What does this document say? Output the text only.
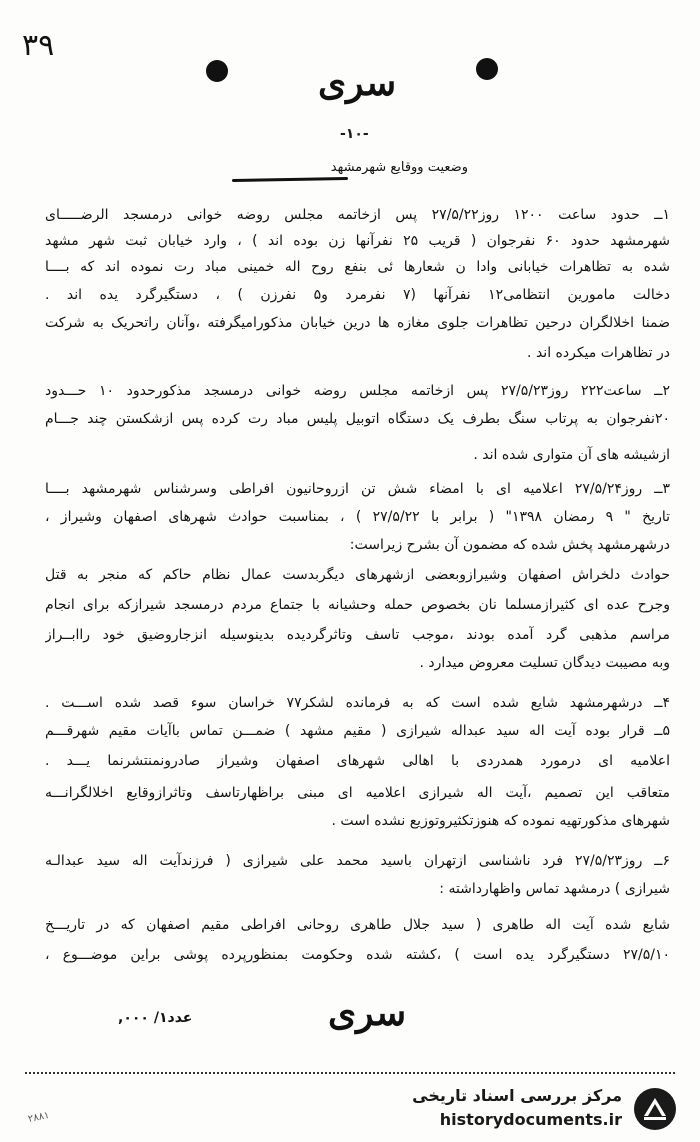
۳۹
سری
-۱۰-
وضعیت ووقایع شهرمشهد
۱ــ حدود ساعت ۱۲۰۰ روز۲۷/۵/۲۲ پس ازخاتمه مجلس روضه خوانی درمسجد الرضـــــای
شهرمشهد حدود ۶۰ نفرجوان ( قریب ۲۵ نفرآنها زن بوده اند ) ، وارد خیابان ثبت شهر مشهد
شده به تظاهرات خیابانی وادا ن شعارها ئی بنفع روح اله خمینی مباد رت نموده اند که بــــا
دخالت مامورین انتظامی۱۲ نفرآنها (۷ نفرمرد و۵ نفرزن ) ، دستگیرگرد یده اند .
ضمنا اخلالگران درحین تظاهرات جلوی مغازه ها درین خیابان مذکوراميگرفته ،وآنان راتحريک به شرکت
در تظاهرات ميکرده اند .
۲ــ ساعت۲۲۲ روز۲۷/۵/۲۳ پس ازخاتمه مجلس روضه خوانی درمسجد مذکورحدود ۱۰ حـــدود
۲۰نفرجوان به پرتاب سنگ بطرف یک دستگاه اتوبیل پلیس مباد رت کرده پس ازشکستن چند جـــام
ازشیشه های آن متواری شده اند .
۳ــ روز۲۷/۵/۲۴ اعلامیه ای با امضاء شش تن ازروحانیون افراطی وسرشناس شهرمشهد بــــا
تاریخ " ۹ رمضان ۱۳۹۸" ( برابر با ۲۷/۵/۲۲ ) ، بمناسبت حوادث شهرهای اصفهان وشیراز ،
درشهرمشهد پخش شده که مضمون آن بشرح زیراست:
حوادث دلخراش اصفهان وشیرازوبعضی ازشهرهای دیگربدست عمال نظام حاکم که منجر به قتل
وجرح عده ای کثیرازمسلما نان بخصوص حمله وحشیانه با جتماع مردم درمسجد شیرازکه برای انجام
مراسم مذهبی گرد آمده بودند ،موجب تاسف وتاثرگردیده بدینوسیله انزجاروضیق خود راابــراز
وبه مصیبت دیدگان تسلیت معروض میدارد .
۴ــ درشهرمشهد شایع شده است که به فرمانده لشکر۷۷ خراسان سوء قصد شده اســـت .
۵ــ قرار بوده آیت اله سید عبداله شیرازی ( مقیم مشهد ) ضمـــن تماس باآیات مقیم شهرقـــم
اعلامیه ای درمورد همدردی با اهالی شهرهای اصفهان وشیراز صادرونمنتشرنما یـــد .
متعاقب این تصمیم ،آیت اله شیرازی اعلامیه ای مبنی براظهارتاسف وتاثرازوقایع اخلالگرانـــه
شهرهای مذکورتهیه نموده که هنوزتکثیروتوزیع نشده است .
۶ــ روز۲۷/۵/۲۳ فرد ناشناسی ازتهران باسید محمد علی شیرازی ( فرزندآیت اله سید عبدالـه
شیرازی ) درمشهد تماس واظهارداشته :
شایع شده آیت اله طاهری ( سید جلال طاهری روحانی افراطی مقیم اصفهان که در تاریـــخ
۲۷/۵/۱۰ دستگیرگرد یده است ) ،کشته شده وحکومت بمنظورپرده پوشی براین موضـــوع ،
سری
عدد۱/ ۰۰۰,
مرکز بررسی اسناد تاریخی
historydocuments.ir
۲۸۸۱
